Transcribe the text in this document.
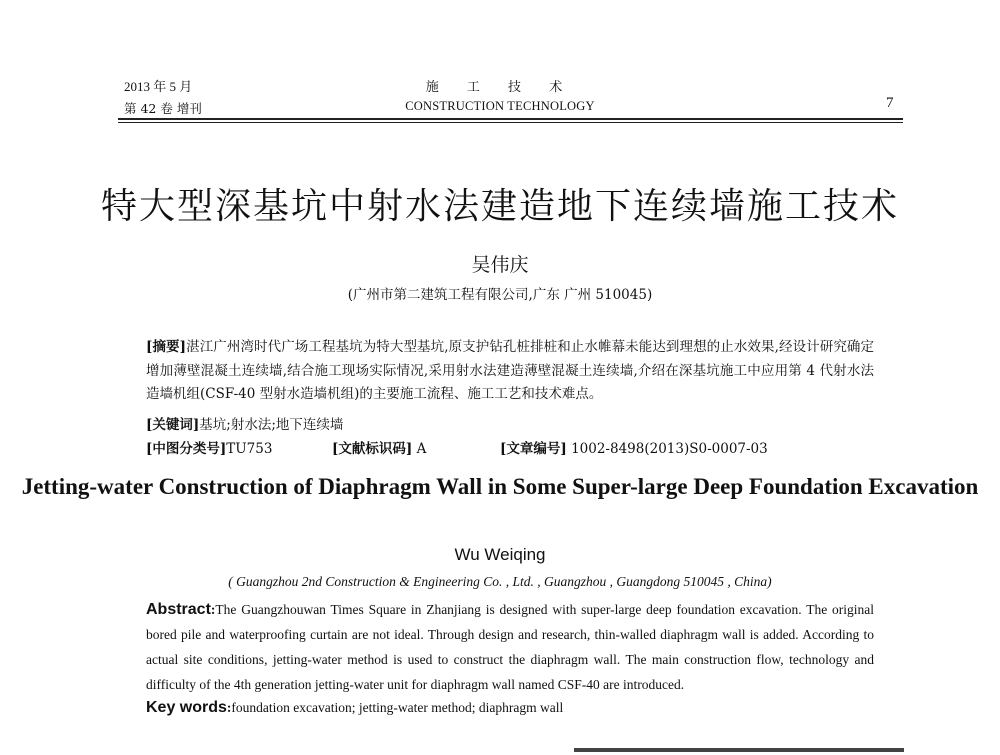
2013 年 5 月
第 42 卷 增刊
施 工 技 术
CONSTRUCTION TECHNOLOGY	7
特大型深基坑中射水法建造地下连续墙施工技术
吴伟庆
(广州市第二建筑工程有限公司,广东 广州 510045)
[摘要]湛江广州湾时代广场工程基坑为特大型基坑,原支护钻孔桩排桩和止水帷幕未能达到理想的止水效果,经设计研究确定增加薄壁混凝土连续墙,结合施工现场实际情况,采用射水法建造薄壁混凝土连续墙,介绍在深基坑施工中应用第 4 代射水法造墙机组(CSF-40 型射水造墙机组)的主要施工流程、施工工艺和技术难点。
[关键词]基坑;射水法;地下连续墙
[中图分类号]TU753	[文献标识码] A	[文章编号] 1002-8498(2013)S0-0007-03
Jetting-water Construction of Diaphragm Wall in Some Super-large Deep Foundation Excavation
Wu Weiqing
( Guangzhou 2nd Construction & Engineering Co. , Ltd. , Guangzhou , Guangdong 510045 , China)
Abstract:The Guangzhouwan Times Square in Zhanjiang is designed with super-large deep foundation excavation. The original bored pile and waterproofing curtain are not ideal. Through design and research, thin-walled diaphragm wall is added. According to actual site conditions, jetting-water method is used to construct the diaphragm wall. The main construction flow, technology and difficulty of the 4th generation jetting-water unit for diaphragm wall named CSF-40 are introduced.
Key words:foundation excavation; jetting-water method; diaphragm wall
